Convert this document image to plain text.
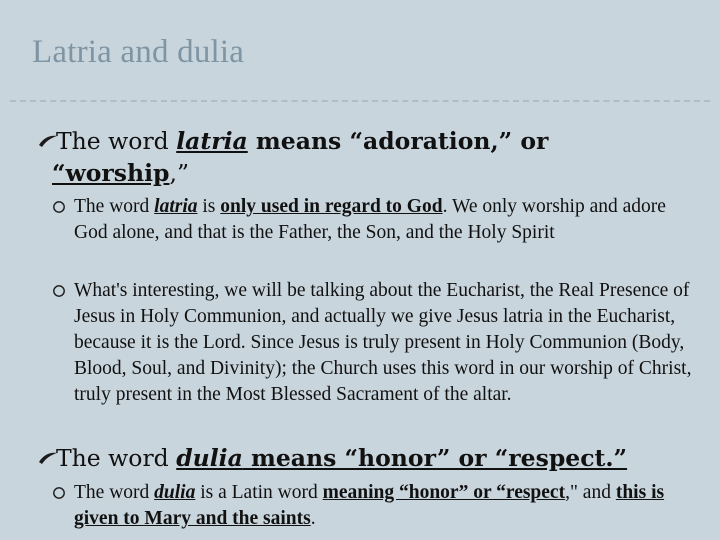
Latria and dulia
The word latria means “adoration,” or
“worship,”
The word latria is only used in regard to God. We only worship and adore God alone, and that is the Father, the Son, and the Holy Spirit
What's interesting, we will be talking about the Eucharist, the Real Presence of Jesus in Holy Communion, and actually we give Jesus latria in the Eucharist, because it is the Lord. Since Jesus is truly present in Holy Communion (Body, Blood, Soul, and Divinity); the Church uses this word in our worship of Christ, truly present in the Most Blessed Sacrament of the altar.
The word dulia means “honor” or “respect.”
The word dulia is a Latin word meaning “honor” or “respect," and this is given to Mary and the saints.
